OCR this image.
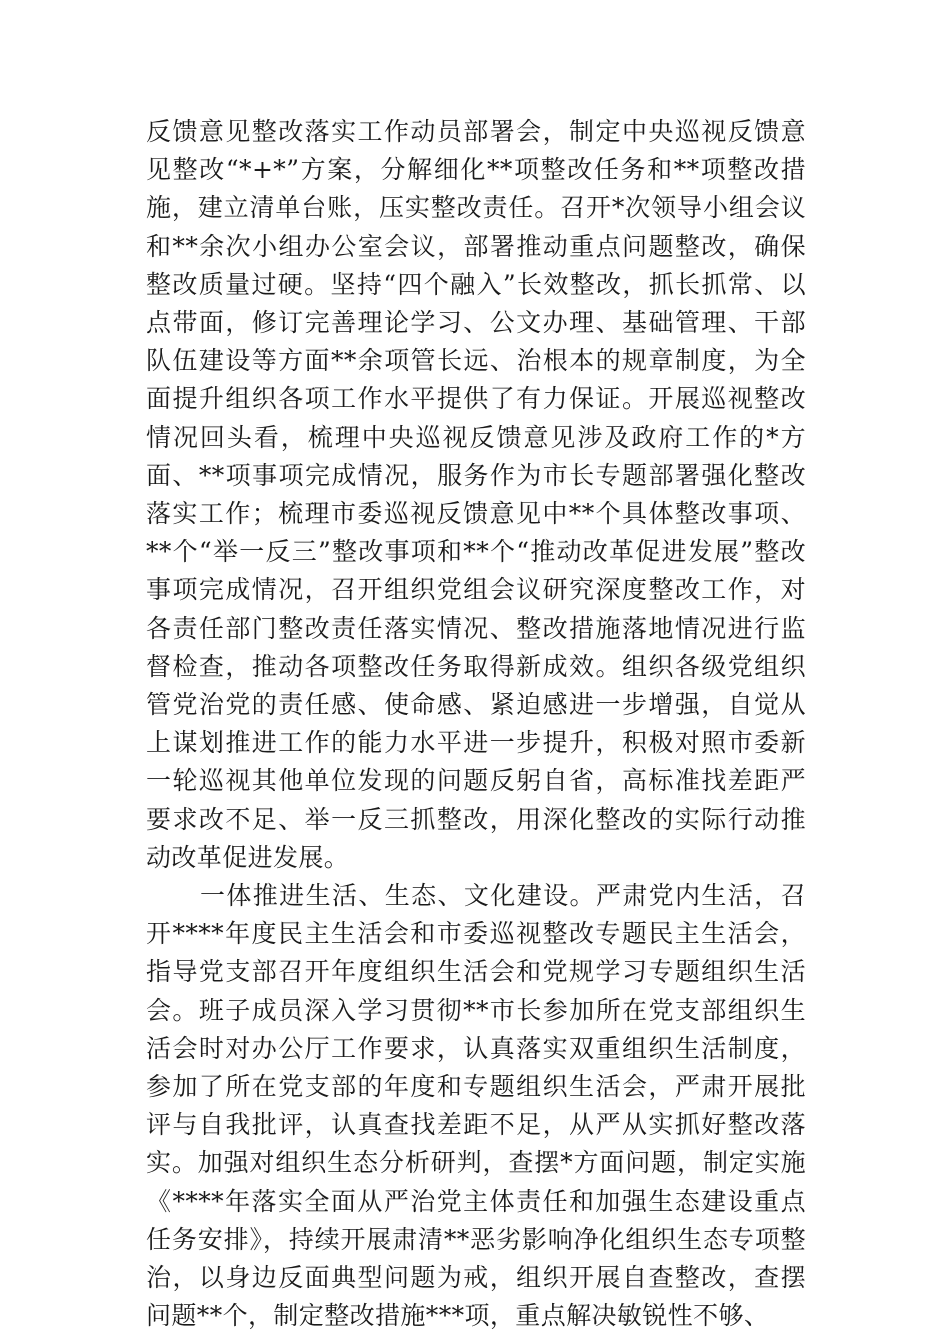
反馈意见整改落实工作动员部署会，制定中央巡视反馈意见整改“*+*”方案，分解细化**项整改任务和**项整改措施，建立清单台账，压实整改责任。召开*次领导小组会议和**余次小组办公室会议，部署推动重点问题整改，确保整改质量过硬。坚持“四个融入”长效整改，抓长抓常、以点带面，修订完善理论学习、公文办理、基础管理、干部队伍建设等方面**余项管长远、治根本的规章制度，为全面提升组织各项工作水平提供了有力保证。开展巡视整改情况回头看，梳理中央巡视反馈意见涉及政府工作的*方面、**项事项完成情况，服务作为市长专题部署强化整改落实工作；梳理市委巡视反馈意见中**个具体整改事项、**个“举一反三”整改事项和**个“推动改革促进发展”整改事项完成情况，召开组织党组会议研究深度整改工作，对各责任部门整改责任落实情况、整改措施落地情况进行监督检查，推动各项整改任务取得新成效。组织各级党组织管党治党的责任感、使命感、紧迫感进一步增强，自觉从上谋划推进工作的能力水平进一步提升，积极对照市委新一轮巡视其他单位发现的问题反躬自省，高标准找差距严要求改不足、举一反三抓整改，用深化整改的实际行动推动改革促进发展。

一体推进生活、生态、文化建设。严肃党内生活，召开****年度民主生活会和市委巡视整改专题民主生活会，指导党支部召开年度组织生活会和党规学习专题组织生活会。班子成员深入学习贯彻**市长参加所在党支部组织生活会时对办公厅工作要求，认真落实双重组织生活制度，参加了所在党支部的年度和专题组织生活会，严肃开展批评与自我批评，认真查找差距不足，从严从实抓好整改落实。加强对组织生态分析研判，查摆*方面问题，制定实施《****年落实全面从严治党主体责任和加强生态建设重点任务安排》，持续开展肃清**恶劣影响净化组织生态专项整治，以身边反面典型问题为戒，组织开展自查整改，查摆问题**个，制定整改措施***项，重点解决敏锐性不够、
